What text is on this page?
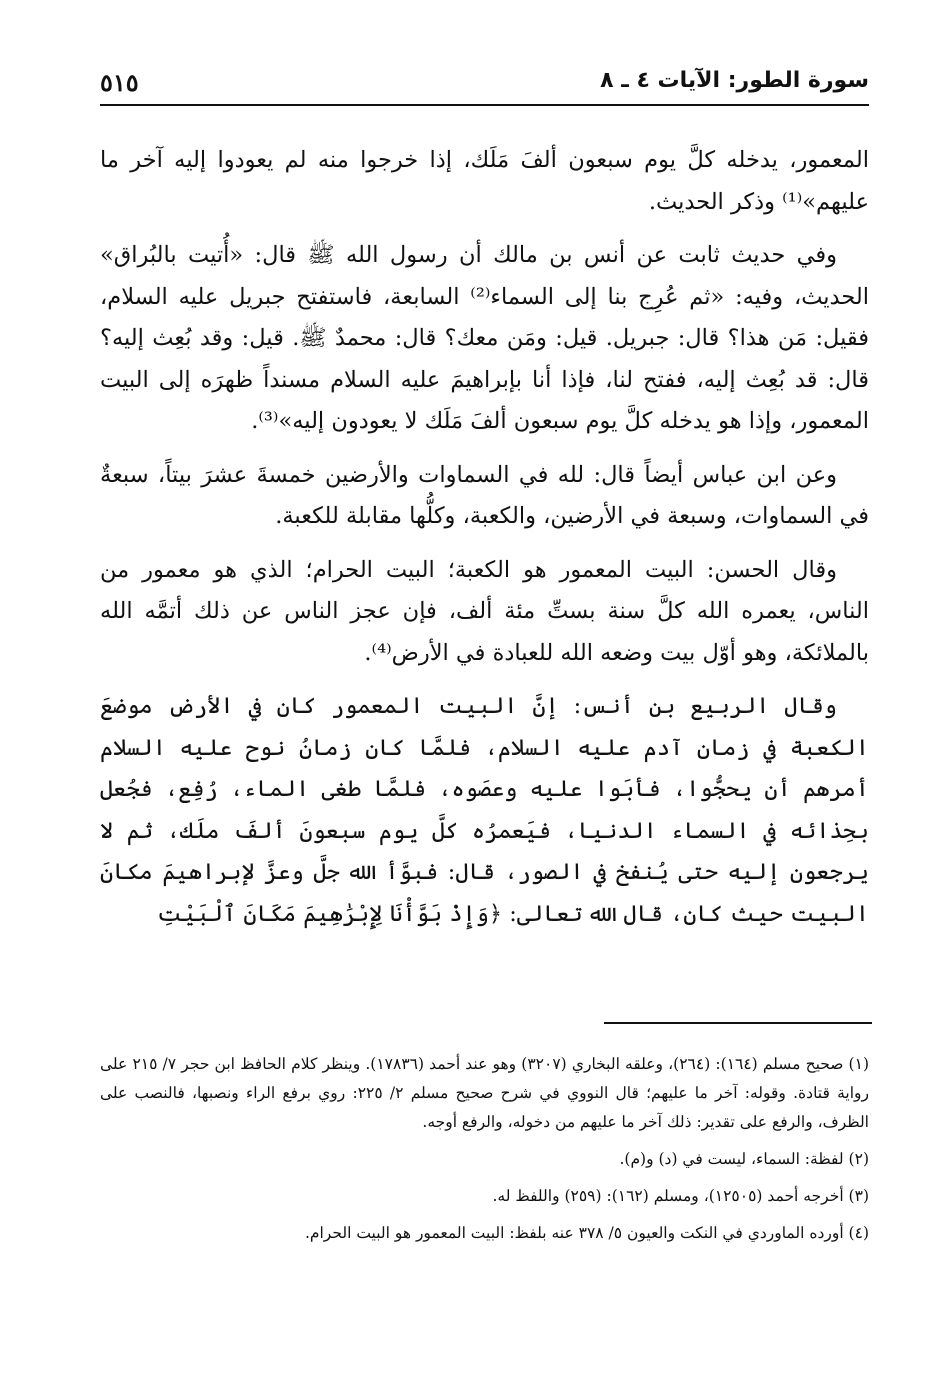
٥١٥	سورة الطور: الآيات ٤ ـ ٨

المعمور، يدخله كلَّ يوم سبعون ألفَ مَلَك، إذا خرجوا منه لم يعودوا إليه آخر ما عليهم»⁽¹⁾ وذكر الحديث.

وفي حديث ثابت عن أنس بن مالك أن رسول الله ﷺ قال: «أُتيت بالبُراق» الحديث، وفيه: «ثم عُرِج بنا إلى السماء⁽²⁾ السابعة، فاستفتح جبريل عليه السلام، فقيل: مَن هذا؟ قال: جبريل. قيل: ومَن معك؟ قال: محمدٌ ﷺ. قيل: وقد بُعِث إليه؟ قال: قد بُعِث إليه، ففتح لنا، فإذا أنا بإبراهيمَ عليه السلام مسنداً ظهرَه إلى البيت المعمور، وإذا هو يدخله كلَّ يوم سبعون ألفَ مَلَك لا يعودون إليه»⁽³⁾.

وعن ابن عباس أيضاً قال: لله في السماوات والأرضين خمسةَ عشرَ بيتاً، سبعةٌ في السماوات، وسبعة في الأرضين، والكعبة، وكلُّها مقابلة للكعبة.

وقال الحسن: البيت المعمور هو الكعبة؛ البيت الحرام؛ الذي هو معمور من الناس، يعمره الله كلَّ سنة بستِّ مئة ألف، فإن عجز الناس عن ذلك أتمَّه الله بالملائكة، وهو أوّل بيت وضعه الله للعبادة في الأرض⁽⁴⁾.

وقال الربيع بن أنس: إنَّ البيت المعمور كان في الأرض موضعَ الكعبة في زمان آدم عليه السلام، فلمَّا كان زمانُ نوح عليه السلام أمرهم أن يحجُّوا، فأبَوا عليه وعصَوه، فلمَّا طغى الماء، رُفِع، فجُعل بحِذائه في السماء الدنيا، فيَعمرُه كلَّ يوم سبعونَ ألفَ ملَك، ثم لا يرجعون إليه حتى يُنفخ في الصور، قال: فبوَّأ الله جلَّ وعزَّ لإبراهيمَ مكانَ البيت حيث كان، قال الله تعالى: ﴿وَإِذْ بَوَّأْنَا لِإِبْرَٰهِيمَ مَكَانَ ٱلْبَيْتِ

(١) صحيح مسلم (١٦٤): (٢٦٤)، وعلقه البخاري (٣٢٠٧) وهو عند أحمد (١٧٨٣٦). وينظر كلام الحافظ ابن حجر ٧/ ٢١٥ على رواية قتادة. وقوله: آخر ما عليهم؛ قال النووي في شرح صحيح مسلم ٢/ ٢٢٥: روي برفع الراء ونصبها، فالنصب على الظرف، والرفع على تقدير: ذلك آخر ما عليهم من دخوله، والرفع أوجه.
(٢) لفظة: السماء، ليست في (د) و(م).
(٣) أخرجه أحمد (١٢٥٠٥)، ومسلم (١٦٢): (٢٥٩) واللفظ له.
(٤) أورده الماوردي في النكت والعيون ٥/ ٣٧٨ عنه بلفظ: البيت المعمور هو البيت الحرام.
